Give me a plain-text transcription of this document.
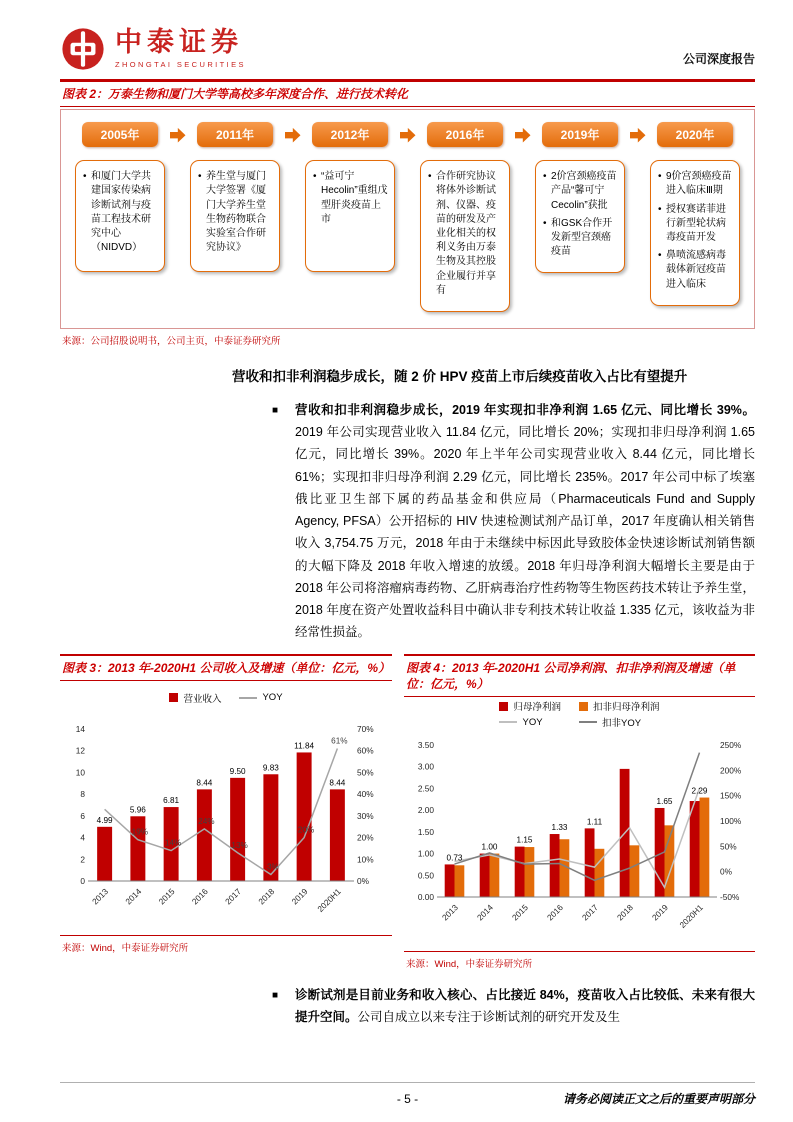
中泰证券
ZHONGTAI SECURITIES	公司深度报告
图表 2：万泰生物和厦门大学等高校多年深度合作、进行技术转化
2005年
• 和厦门大学共建国家传染病诊断试剂与疫苗工程技术研究中心（NIDVD）
2011年
• 养生堂与厦门大学签署《厦门大学养生堂生物药物联合实验室合作研究协议》
2012年
• “益可宁Hecolin”重组戊型肝炎疫苗上市
2016年
• 合作研究协议将体外诊断试剂、仪器、疫苗的研发及产业化相关的权利义务由万泰生物及其控股企业履行并享有
2019年
• 2价宫颈癌疫苗产品“馨可宁Cecolin”获批
• 和GSK合作开发新型宫颈癌疫苗
2020年
• 9价宫颈癌疫苗进入临床Ⅲ期
• 授权赛诺菲进行新型轮状病毒疫苗开发
• 鼻喷流感病毒载体新冠疫苗进入临床
来源：公司招股说明书，公司主页，中泰证券研究所
营收和扣非利润稳步成长，随 2 价 HPV 疫苗上市后续疫苗收入占比有望提升
■ 营收和扣非利润稳步成长，2019 年实现扣非净利润 1.65 亿元、同比增长 39%。2019 年公司实现营业收入 11.84 亿元，同比增长 20%；实现扣非归母净利润 1.65 亿元，同比增长 39%。2020 年上半年公司实现营业收入 8.44 亿元，同比增长 61%；实现扣非归母净利润 2.29 亿元，同比增长 235%。2017 年公司中标了埃塞俄比亚卫生部下属的药品基金和供应局（Pharmaceuticals Fund and Supply Agency, PFSA）公开招标的 HIV 快速检测试剂产品订单，2017 年度确认相关销售收入 3,754.75 万元，2018 年由于未继续中标因此导致胶体金快速诊断试剂销售额的大幅下降及 2018 年收入增速的放缓。2018 年归母净利润大幅增长主要是由于 2018 年公司将溶瘤病毒药物、乙肝病毒治疗性药物等生物医药技术转让予养生堂，2018 年度在资产处置收益科目中确认非专利技术转让收益 1.335 亿元，该收益为非经常性损益。
图表 3：2013 年-2020H1 公司收入及增速（单位：亿元，%）
营业收入	YOY
0
2
4
6
8
10
12
14
0%
10%
20%
30%
40%
50%
60%
70%
2013 2014 2015 2016 2017 2018 2019 2020H1
4.99
5.96
6.81
8.44
9.50 9.83
11.84
8.44
19%
14%
24%
13%
3%
20%
61%
来源：Wind，中泰证券研究所
图表 4：2013 年-2020H1 公司净利润、扣非净利润及增速（单位：亿元，%）
归母净利润	扣非归母净利润
YOY	扣非YOY
0.00
0.50
1.00
1.50
2.00
2.50
3.00
3.50
-50%
0%
50%
100%
150%
200%
250%
2013 2014 2015 2016 2017 2018 2019 2020H1
0.73
1.00
1.15
1.33
1.11
1.65
2.29
来源：Wind，中泰证券研究所
■ 诊断试剂是目前业务和收入核心、占比接近 84%，疫苗收入占比较低、未来有很大提升空间。公司自成立以来专注于诊断试剂的研究开发及生
- 5 -	请务必阅读正文之后的重要声明部分
